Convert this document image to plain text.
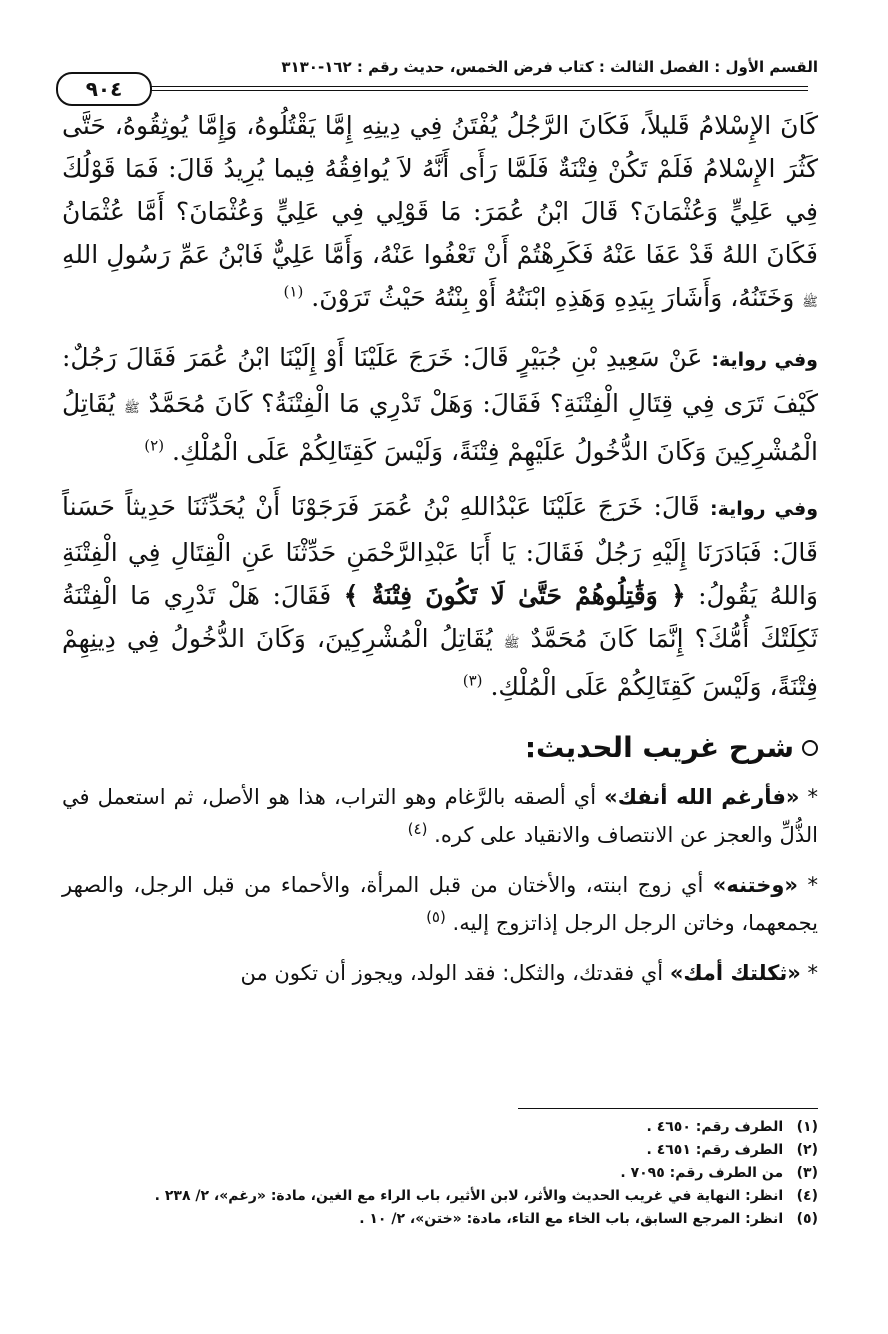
القسم الأول : الفصل الثالث : كتاب فرض الخمس، حديث رقم : ١٦٢-٣١٣٠
٩٠٤

كَانَ الإِسْلامُ قَليلاً، فَكَانَ الرَّجُلُ يُفْتَنُ فِي دِينِهِ إِمَّا يَقْتُلُوهُ، وَإِمَّا يُوثِقُوهُ، حَتَّى كَثُرَ الإِسْلامُ فَلَمْ تَكُنْ فِتْنَةٌ فَلَمَّا رَأَى أَنَّهُ لاَ يُوافِقُهُ فِيما يُرِيدُ قَالَ: فَمَا قَوْلُكَ فِي عَلِيٍّ وَعُثْمَانَ؟ قَالَ ابْنُ عُمَرَ: مَا قَوْلِي فِي عَلِيٍّ وَعُثْمَانَ؟ أَمَّا عُثْمَانُ فَكَانَ اللهُ قَدْ عَفَا عَنْهُ فَكَرِهْتُمْ أَنْ تَعْفُوا عَنْهُ، وَأَمَّا عَلِيٌّ فَابْنُ عَمِّ رَسُولِ اللهِ ﷺ وَخَتَنُهُ، وَأَشَارَ بِيَدِهِ وَهَذِهِ ابْنَتُهُ أَوْ بِنْتُهُ حَيْثُ تَرَوْنَ. $^{(١)}$

وفي رواية: عَنْ سَعِيدِ بْنِ جُبَيْرٍ قَالَ: خَرَجَ عَلَيْنَا أَوْ إِلَيْنَا ابْنُ عُمَرَ فَقَالَ رَجُلٌ: كَيْفَ تَرَى فِي قِتَالِ الْفِتْنَةِ؟ فَقَالَ: وَهَلْ تَدْرِي مَا الْفِتْنَةُ؟ كَانَ مُحَمَّدٌ ﷺ يُقَاتِلُ الْمُشْرِكِينَ وَكَانَ الدُّخُولُ عَلَيْهِمْ فِتْنَةً، وَلَيْسَ كَقِتَالِكُمْ عَلَى الْمُلْكِ. $^{(٢)}$

وفي رواية: قَالَ: خَرَجَ عَلَيْنَا عَبْدُاللهِ بْنُ عُمَرَ فَرَجَوْنَا أَنْ يُحَدِّثَنَا حَدِيثاً حَسَناً قَالَ: فَبَادَرَنَا إِلَيْهِ رَجُلٌ فَقَالَ: يَا أَبَا عَبْدِالرَّحْمَنِ حَدِّثْنَا عَنِ الْقِتَالِ فِي الْفِتْنَةِ وَاللهُ يَقُولُ: ﴿ وَقَٰتِلُوهُمْ حَتَّىٰ لَا تَكُونَ فِتْنَةٌ ﴾ فَقَالَ: هَلْ تَدْرِي مَا الْفِتْنَةُ ثَكِلَتْكَ أُمُّكَ؟ إِنَّمَا كَانَ مُحَمَّدٌ ﷺ يُقَاتِلُ الْمُشْرِكِينَ، وَكَانَ الدُّخُولُ فِي دِينِهِمْ فِتْنَةً، وَلَيْسَ كَقِتَالِكُمْ عَلَى الْمُلْكِ. $^{(٣)}$

شرح غريب الحديث:

* «فأرغم الله أنفك» أي ألصقه بالرَّغام وهو التراب، هذا هو الأصل، ثم استعمل في الذُّلِّ والعجز عن الانتصاف والانقياد على كره. $^{(٤)}$

* «وختنه» أي زوج ابنته، والأختان من قبل المرأة، والأحماء من قبل الرجل، والصهر يجمعهما، وخاتن الرجل الرجل إذاتزوج إليه. $^{(٥)}$

* «ثكلتك أمك» أي فقدتك، والثكل: فقد الولد، ويجوز أن تكون من

(١) الطرف رقم: ٤٦٥٠ .
(٢) الطرف رقم: ٤٦٥١ .
(٣) من الطرف رقم: ٧٠٩٥ .
(٤) انظر: النهاية في غريب الحديث والأثر، لابن الأثير، باب الراء مع الغين، مادة: «رغم»، ٢/ ٢٣٨ .
(٥) انظر: المرجع السابق، باب الخاء مع التاء، مادة: «ختن»، ٢/ ١٠ .
